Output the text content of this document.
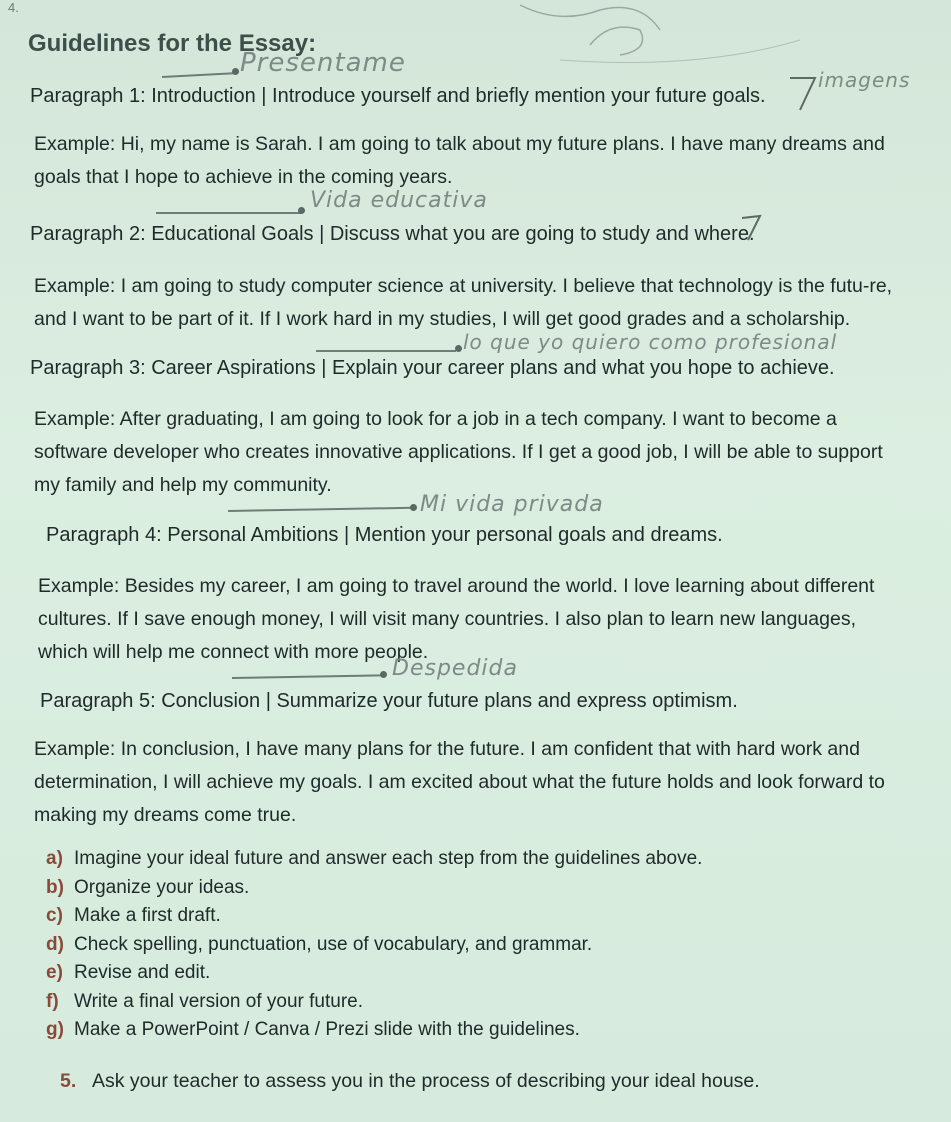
4.
Guidelines for the Essay:
Presentame
Paragraph 1: Introduction | Introduce yourself and briefly mention your future goals.
imagens
Example: Hi, my name is Sarah. I am going to talk about my future plans. I have many dreams and goals that I hope to achieve in the coming years.
Vida educativa
Paragraph 2: Educational Goals | Discuss what you are going to study and where.
Example: I am going to study computer science at university. I believe that technology is the futu-re, and I want to be part of it. If I work hard in my studies, I will get good grades and a scholarship.
lo que yo quiero como profesional
Paragraph 3: Career Aspirations | Explain your career plans and what you hope to achieve.
Example: After graduating, I am going to look for a job in a tech company. I want to become a software developer who creates innovative applications. If I get a good job, I will be able to support my family and help my community.
Mi vida privada
Paragraph 4: Personal Ambitions | Mention your personal goals and dreams.
Example: Besides my career, I am going to travel around the world. I love learning about different cultures. If I save enough money, I will visit many countries. I also plan to learn new languages, which will help me connect with more people.
Despedida
Paragraph 5: Conclusion | Summarize your future plans and express optimism.
Example: In conclusion, I have many plans for the future. I am confident that with hard work and determination, I will achieve my goals. I am excited about what the future holds and look forward to making my dreams come true.
a) Imagine your ideal future and answer each step from the guidelines above.
b) Organize your ideas.
c) Make a first draft.
d) Check spelling, punctuation, use of vocabulary, and grammar.
e) Revise and edit.
f) Write a final version of your future.
g) Make a PowerPoint / Canva / Prezi slide with the guidelines.
5. Ask your teacher to assess you in the process of describing your ideal house.
